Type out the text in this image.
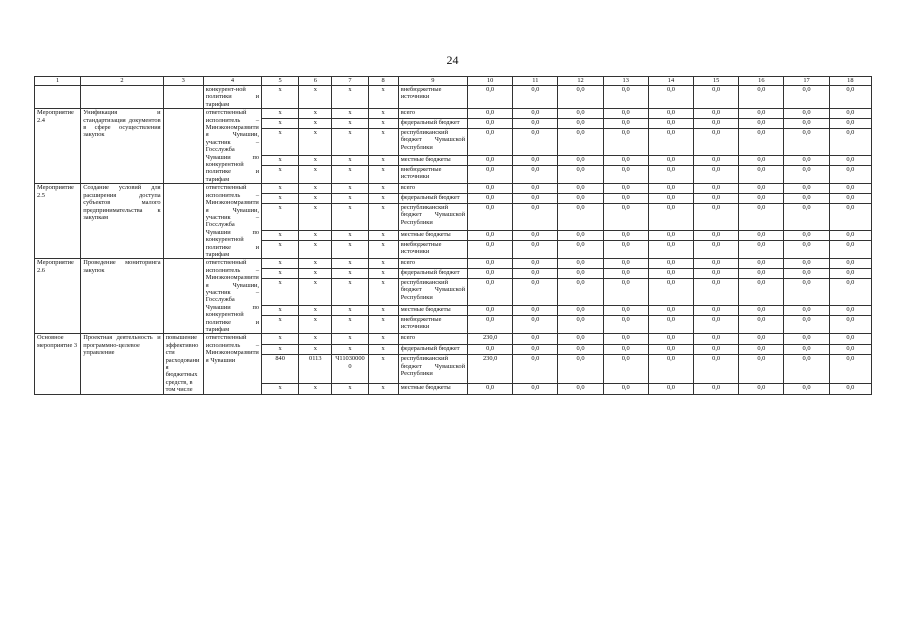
24
1	2	3	4	5	6	7	8	9	10	11	12	13	14	15	16	17	18
			конкурент-ной политики и тарифам	x	x	x	x	внебюджетные источники	0,0	0,0	0,0	0,0	0,0	0,0	0,0	0,0	0,0
Мероприятие 2.4	Унификация и стандартизация документов в сфере осуществления закупок		ответственный исполнитель – Минэкономразвития Чувашии, участник – Госслужба Чувашии по конкурентной политике и тарифам	x	x	x	x	всего	0,0	0,0	0,0	0,0	0,0	0,0	0,0	0,0	0,0
				x	x	x	x	федеральный бюджет	0,0	0,0	0,0	0,0	0,0	0,0	0,0	0,0	0,0
				x	x	x	x	республиканский бюджет Чувашской Республики	0,0	0,0	0,0	0,0	0,0	0,0	0,0	0,0	0,0
				x	x	x	x	местные бюджеты	0,0	0,0	0,0	0,0	0,0	0,0	0,0	0,0	0,0
				x	x	x	x	внебюджетные источники	0,0	0,0	0,0	0,0	0,0	0,0	0,0	0,0	0,0
Мероприятие 2.5	Создание условий для расширения доступа субъектов малого предпринимательства к закупкам		ответственный исполнитель – Минэкономразвития Чувашии, участник – Госслужба Чувашии по конкурентной политике и тарифам	x	x	x	x	всего	0,0	0,0	0,0	0,0	0,0	0,0	0,0	0,0	0,0
				x	x	x	x	федеральный бюджет	0,0	0,0	0,0	0,0	0,0	0,0	0,0	0,0	0,0
				x	x	x	x	республиканский бюджет Чувашской Республики	0,0	0,0	0,0	0,0	0,0	0,0	0,0	0,0	0,0
				x	x	x	x	местные бюджеты	0,0	0,0	0,0	0,0	0,0	0,0	0,0	0,0	0,0
				x	x	x	x	внебюджетные источники	0,0	0,0	0,0	0,0	0,0	0,0	0,0	0,0	0,0
Мероприятие 2.6	Проведение мониторинга закупок		ответственный исполнитель – Минэкономразвития Чувашии, участник – Госслужба Чувашии по конкурентной политике и тарифам	x	x	x	x	всего	0,0	0,0	0,0	0,0	0,0	0,0	0,0	0,0	0,0
				x	x	x	x	федеральный бюджет	0,0	0,0	0,0	0,0	0,0	0,0	0,0	0,0	0,0
				x	x	x	x	республиканский бюджет Чувашской Республики	0,0	0,0	0,0	0,0	0,0	0,0	0,0	0,0	0,0
				x	x	x	x	местные бюджеты	0,0	0,0	0,0	0,0	0,0	0,0	0,0	0,0	0,0
				x	x	x	x	внебюджетные источники	0,0	0,0	0,0	0,0	0,0	0,0	0,0	0,0	0,0
Основное мероприятие 3	Проектная деятельность и программно-целевое управление	повышение эффективности расходования бюджетных средств, в том числе	ответственный исполнитель – Минэкономразвития Чувашии	x	x	x	x	всего	230,0	0,0	0,0	0,0	0,0	0,0	0,0	0,0	0,0
				x	x	x	x	федеральный бюджет	0,0	0,0	0,0	0,0	0,0	0,0	0,0	0,0	0,0
				840	0113	Ч110300000	x	республиканский бюджет Чувашской Республики	230,0	0,0	0,0	0,0	0,0	0,0	0,0	0,0	0,0
				x	x	x	x	местные бюджеты	0,0	0,0	0,0	0,0	0,0	0,0	0,0	0,0	0,0
